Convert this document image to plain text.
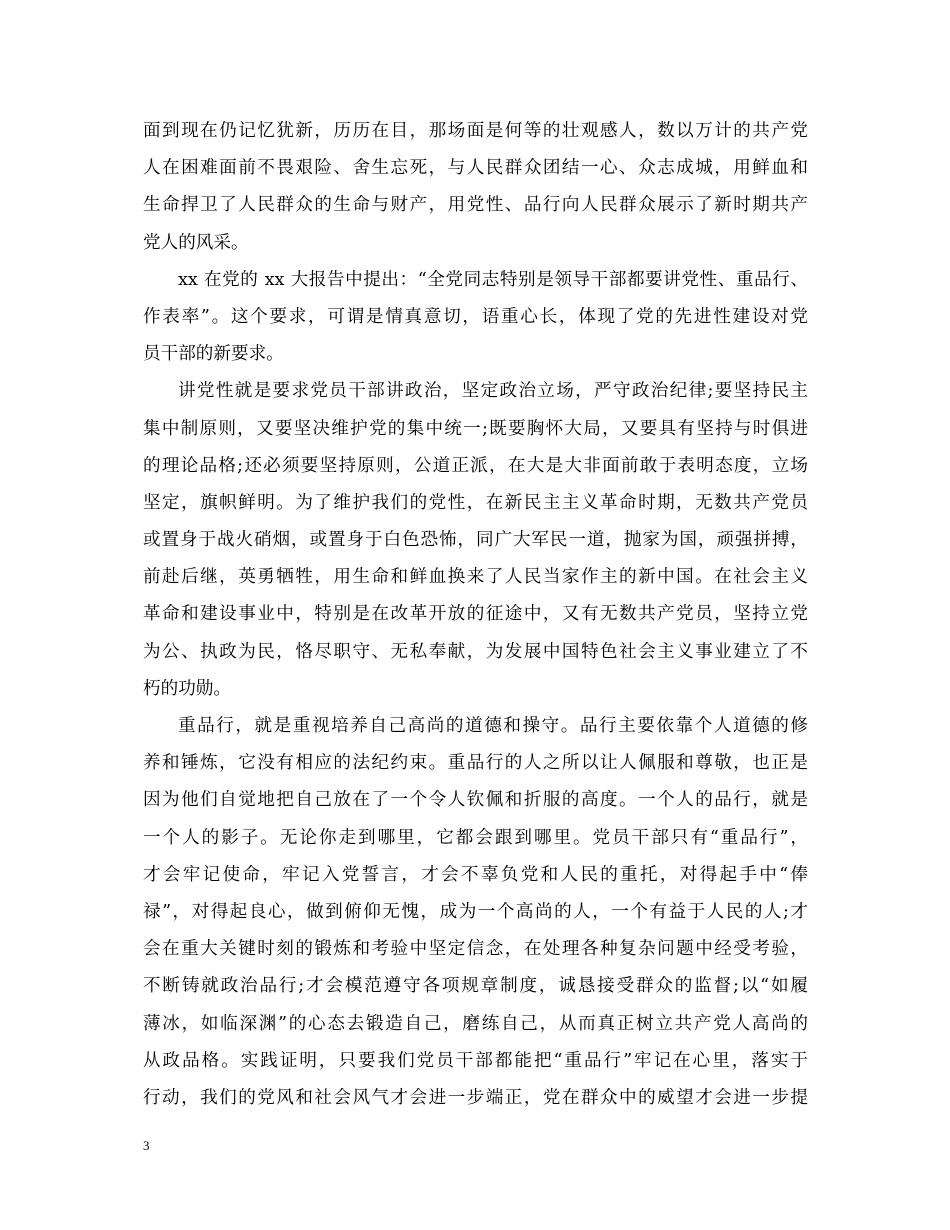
面到现在仍记忆犹新，历历在目，那场面是何等的壮观感人，数以万计的共产党
人在困难面前不畏艰险、舍生忘死，与人民群众团结一心、众志成城，用鲜血和
生命捍卫了人民群众的生命与财产，用党性、品行向人民群众展示了新时期共产
党人的风采。
xx 在党的 xx 大报告中提出：“全党同志特别是领导干部都要讲党性、重品行、
作表率”。这个要求，可谓是情真意切，语重心长，体现了党的先进性建设对党
员干部的新要求。
讲党性就是要求党员干部讲政治，坚定政治立场，严守政治纪律;要坚持民主
集中制原则，又要坚决维护党的集中统一;既要胸怀大局，又要具有坚持与时俱进
的理论品格;还必须要坚持原则，公道正派，在大是大非面前敢于表明态度，立场
坚定，旗帜鲜明。为了维护我们的党性，在新民主主义革命时期，无数共产党员
或置身于战火硝烟，或置身于白色恐怖，同广大军民一道，抛家为国，顽强拼搏，
前赴后继，英勇牺牲，用生命和鲜血换来了人民当家作主的新中国。在社会主义
革命和建设事业中，特别是在改革开放的征途中，又有无数共产党员，坚持立党
为公、执政为民，恪尽职守、无私奉献，为发展中国特色社会主义事业建立了不
朽的功勋。
重品行，就是重视培养自己高尚的道德和操守。品行主要依靠个人道德的修
养和锤炼，它没有相应的法纪约束。重品行的人之所以让人佩服和尊敬，也正是
因为他们自觉地把自己放在了一个令人钦佩和折服的高度。一个人的品行，就是
一个人的影子。无论你走到哪里，它都会跟到哪里。党员干部只有“重品行”，
才会牢记使命，牢记入党誓言，才会不辜负党和人民的重托，对得起手中“俸
禄”，对得起良心，做到俯仰无愧，成为一个高尚的人，一个有益于人民的人;才
会在重大关键时刻的锻炼和考验中坚定信念，在处理各种复杂问题中经受考验，
不断铸就政治品行;才会模范遵守各项规章制度，诚恳接受群众的监督;以“如履
薄冰，如临深渊”的心态去锻造自己，磨练自己，从而真正树立共产党人高尚的
从政品格。实践证明，只要我们党员干部都能把“重品行”牢记在心里，落实于
行动，我们的党风和社会风气才会进一步端正，党在群众中的威望才会进一步提
3
